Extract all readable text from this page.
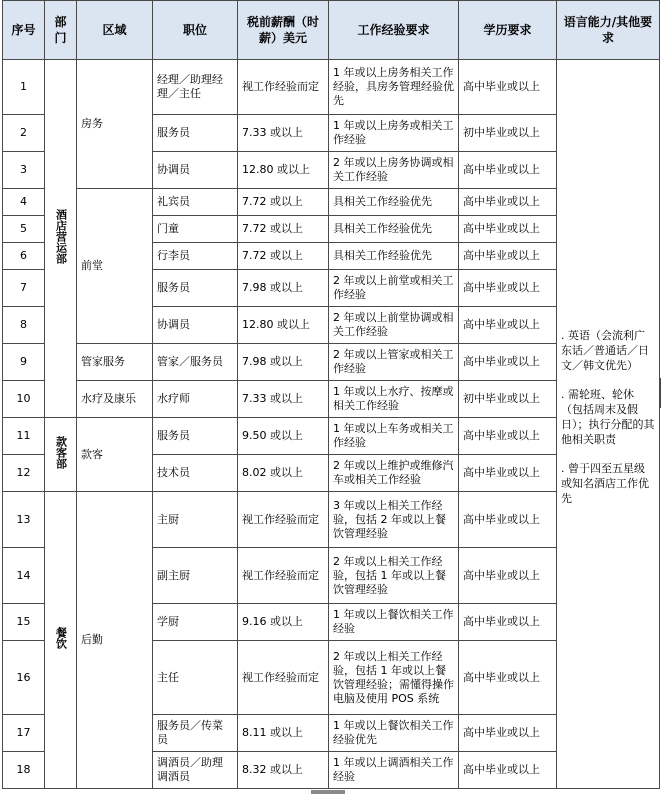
序号	部门	区域	职位	税前薪酬（时薪）美元	工作经验要求	学历要求	语言能力/其他要求
1	酒店营运部	房务	经理／助理经理／主任	视工作经验而定	1 年或以上房务相关工作经验，具房务管理经验优先	高中毕业或以上	. 英语（会流利广东话／普通话／日文／韩文优先）
. 需轮班、轮休（包括周末及假日）；执行分配的其他相关职责
. 曾于四至五星级或知名酒店工作优先

2			服务员	7.33 或以上	1 年或以上房务或相关工作经验	初中毕业或以上	
3			协调员	12.80 或以上	2 年或以上房务协调或相关工作经验	高中毕业或以上	
4		前堂	礼宾员	7.72 或以上	具相关工作经验优先	高中毕业或以上	
5			门童	7.72 或以上	具相关工作经验优先	高中毕业或以上	
6			行李员	7.72 或以上	具相关工作经验优先	高中毕业或以上	
7			服务员	7.98 或以上	2 年或以上前堂或相关工作经验	高中毕业或以上	
8			协调员	12.80 或以上	2 年或以上前堂协调或相关工作经验	高中毕业或以上	
9		管家服务	管家／服务员	7.98 或以上	2 年或以上管家或相关工作经验	高中毕业或以上	
10		水疗及康乐	水疗师	7.33 或以上	1 年或以上水疗、按摩或相关工作经验	初中毕业或以上	
11	款客部	款客	服务员	9.50 或以上	1 年或以上车务或相关工作经验	高中毕业或以上	
12			技术员	8.02 或以上	2 年或以上维护或维修汽车或相关工作经验	高中毕业或以上	
13	餐饮	后勤	主厨	视工作经验而定	3 年或以上相关工作经验，包括 2 年或以上餐饮管理经验	高中毕业或以上	
14			副主厨	视工作经验而定	2 年或以上相关工作经验，包括 1 年或以上餐饮管理经验	高中毕业或以上	
15			学厨	9.16 或以上	1 年或以上餐饮相关工作经验	高中毕业或以上	
16			主任	视工作经验而定	2 年或以上相关工作经验，包括 1 年或以上餐饮管理经验；需懂得操作电脑及使用 POS 系统	高中毕业或以上	
17			服务员／传菜员	8.11 或以上	1 年或以上餐饮相关工作经验优先	高中毕业或以上	
18			调酒员／助理调酒员	8.32 或以上	1 年或以上调酒相关工作经验	高中毕业或以上	
